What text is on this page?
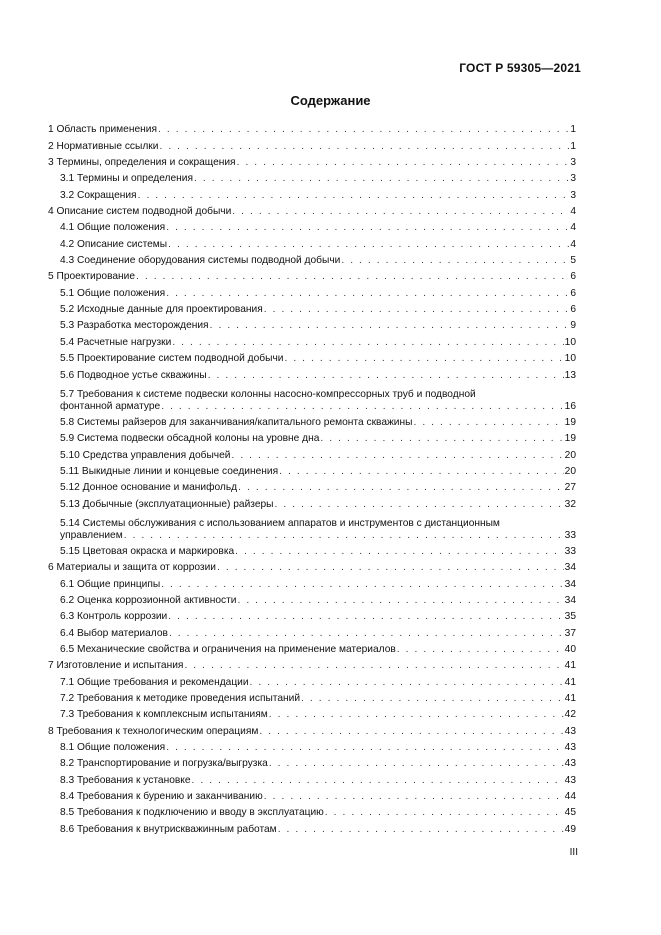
ГОСТ Р 59305—2021
Содержание
1 Область применения . . .	1
2 Нормативные ссылки . . .	1
3 Термины, определения и сокращения . . .	3
3.1 Термины и определения . . .	3
3.2 Сокращения . . .	3
4 Описание систем подводной добычи . . .	4
4.1 Общие положения . . .	4
4.2 Описание системы . . .	4
4.3 Соединение оборудования системы подводной добычи . . .	5
5 Проектирование . . .	6
5.1 Общие положения . . .	6
5.2 Исходные данные для проектирования . . .	6
5.3 Разработка месторождения . . .	9
5.4 Расчетные нагрузки . . .	10
5.5 Проектирование систем подводной добычи . . .	10
5.6 Подводное устье скважины . . .	13
5.7 Требования к системе подвески колонны насосно-компрессорных труб и подводной
фонтанной арматуре . . .	16
5.8 Системы райзеров для заканчивания/капитального ремонта скважины . . .	19
5.9 Система подвески обсадной колоны на уровне дна . . .	19
5.10 Средства управления добычей . . .	20
5.11 Выкидные линии и концевые соединения . . .	20
5.12 Донное основание и манифольд . . .	27
5.13 Добычные (эксплуатационные) райзеры . . .	32
5.14 Системы обслуживания с использованием аппаратов и инструментов с дистанционным
управлением . . .	33
5.15 Цветовая окраска и маркировка . . .	33
6 Материалы и защита от коррозии . . .	34
6.1 Общие принципы . . .	34
6.2 Оценка коррозионной активности . . .	34
6.3 Контроль коррозии . . .	35
6.4 Выбор материалов . . .	37
6.5 Механические свойства и ограничения на применение материалов . . .	40
7 Изготовление и испытания . . .	41
7.1 Общие требования и рекомендации . . .	41
7.2 Требования к методике проведения испытаний . . .	41
7.3 Требования к комплексным испытаниям . . .	42
8 Требования к технологическим операциям . . .	43
8.1 Общие положения . . .	43
8.2 Транспортирование и погрузка/выгрузка . . .	43
8.3 Требования к установке . . .	43
8.4 Требования к бурению и заканчиванию . . .	44
8.5 Требования к подключению и вводу в эксплуатацию . . .	45
8.6 Требования к внутрискважинным работам . . .	49
III
